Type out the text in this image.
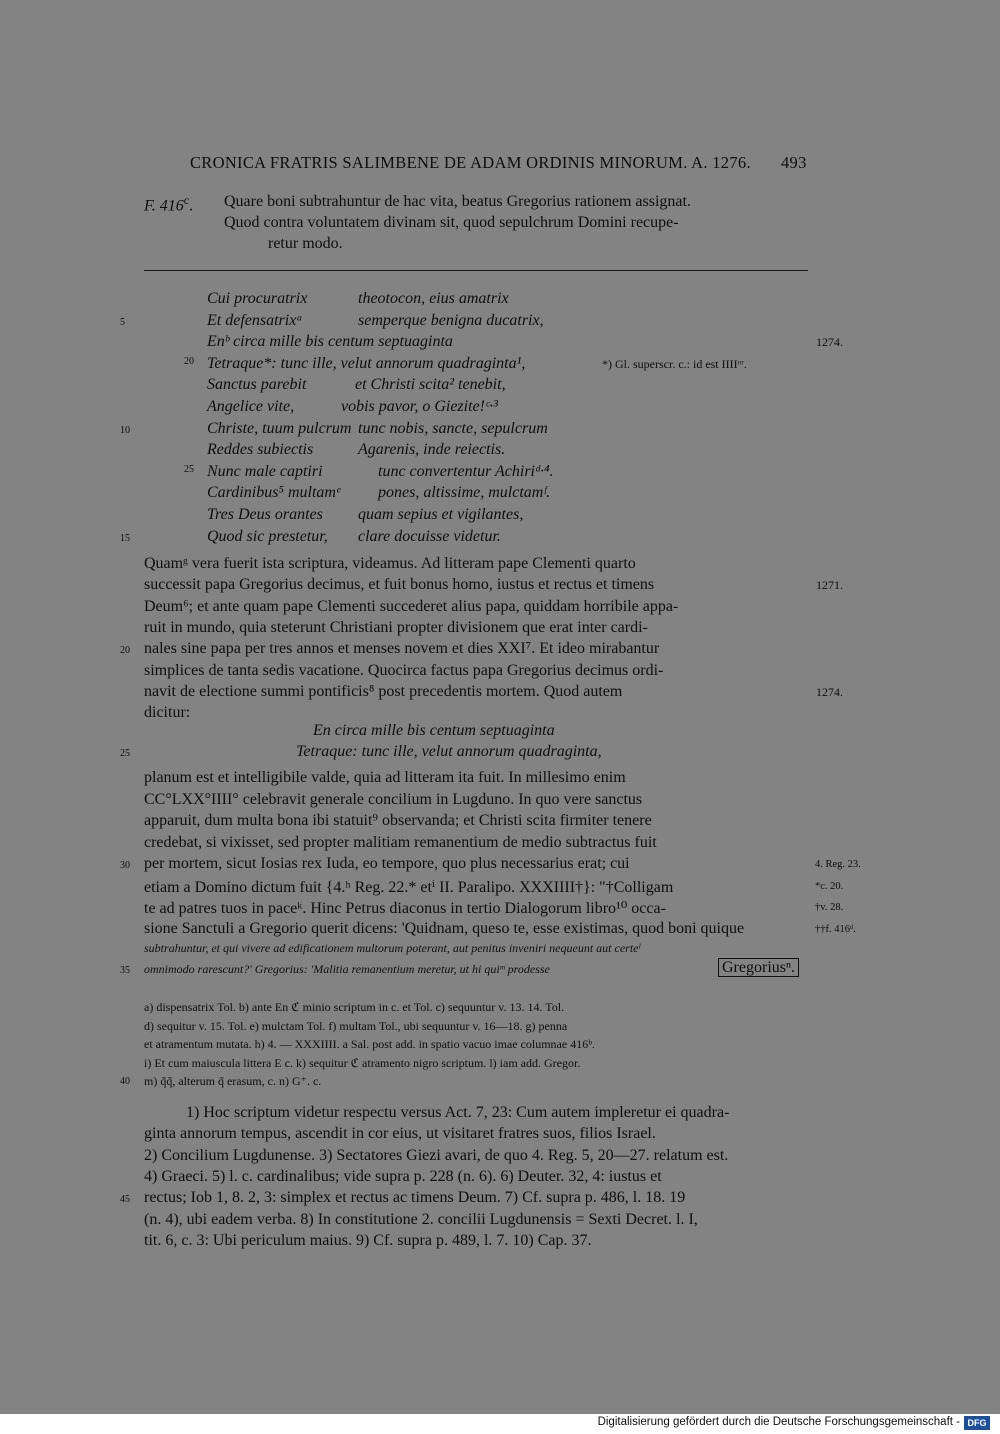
CRONICA FRATRIS SALIMBENE DE ADAM ORDINIS MINORUM. A. 1276. 493
F. 416$^c$. Quare boni subtrahuntur de hac vita, beatus Gregorius rationem assignat.
Quod contra voluntatem divinam sit, quod sepulchrum Domini recupe-
retur modo.
Cui procuratrix	theotocon, eius amatrix
5	Et defensatrixᵃ	semperque benigna ducatrix,
Enᵇ circa mille bis centum septuaginta	1274.
20 Tetraque*: tunc ille, velut annorum quadraginta¹,	*) Gl. superscr. c.: id est IIIIᵒʳ.
Sanctus parebit	et Christi scita² tenebit,
Angelice vite,	vobis pavor, o Giezite!ᶜ·³
10	Christe, tuum pulcrum tunc nobis, sancte, sepulcrum
Reddes subiectis	Agarenis, inde reiectis.
25 Nunc male captiri	tunc convertentur Achiriᵈ·⁴.
Cardinibus⁵ multamᵉ pones, altissime, mulctamᶠ.
Tres Deus orantes quam sepius et vigilantes,
15	Quod sic prestetur, clare docuisse videtur.
Quamᵍ vera fuerit ista scriptura, videamus. Ad litteram pape Clementi quarto
successit papa Gregorius decimus, et fuit bonus homo, iustus et rectus et timens	1271.
Deum⁶; et ante quam pape Clementi succederet alius papa, quiddam horribile appa-
ruit in mundo, quia steterunt Christiani propter divisionem que erat inter cardi-
20 nales sine papa per tres annos et menses novem et dies XXI⁷. Et ideo mirabantur
simplices de tanta sedis vacatione. Quocirca factus papa Gregorius decimus ordi-
navit de electione summi pontificis⁸ post precedentis mortem. Quod autem	1274.
dicitur:
En circa mille bis centum septuaginta
25	Tetraque: tunc ille, velut annorum quadraginta,
planum est et intelligibile valde, quia ad litteram ita fuit. In millesimo enim
CC°LXX°IIII° celebravit generale concilium in Lugduno. In quo vere sanctus
apparuit, dum multa bona ibi statuit⁹ observanda; et Christi scita firmiter tenere
credebat, si vixisset, sed propter malitiam remanentium de medio subtractus fuit
30 per mortem, sicut Iosias rex Iuda, eo tempore, quo plus necessarius erat; cui	4. Reg. 23.
etiam a Domino dictum fuit {4.ʰ Reg. 22.* etⁱ II. Paralipo. XXXIIII†}: "†Colligam	*c. 20.
te ad patres tuos in paceᵏ. Hinc Petrus diaconus in tertio Dialogorum libro¹⁰ occa-	†v. 28.
sione Sanctuli a Gregorio querit dicens: 'Quidnam, queso te, esse existimas, quod boni quique	††f. 416ᵈ.
subtrahuntur, et qui vivere ad edificationem multorum poterant, aut penitus inveniri nequeunt aut certeˡ
35 omnimodo rarescunt?' Gregorius: 'Malitia remanentium meretur, ut hi quiᵐ prodesse	Gregoriusⁿ.
a) dispensatrix Tol. b) ante En ℭ minio scriptum in c. et Tol. c) sequuntur v. 13. 14. Tol.
d) sequitur v. 15. Tol. e) mulctam Tol. f) multam Tol., ubi sequuntur v. 16—18. g) penna
et atramentum mutata. h) 4. — XXXIIII. a Sal. post add. in spatio vacuo imae columnae 416ᵇ.
i) Et cum maiuscula littera E c. k) sequitur ℭ atramento nigro scriptum. l) iam add. Gregor.
40 m) q̃q̃, alterum q̃ erasum, c. n) G⁺. c.
1) Hoc scriptum videtur respectu versus Act. 7, 23: Cum autem impleretur ei quadra-
ginta annorum tempus, ascendit in cor eius, ut visitaret fratres suos, filios Israel.
2) Concilium Lugdunense. 3) Sectatores Giezi avari, de quo 4. Reg. 5, 20—27. relatum est.
4) Graeci. 5) l. c. cardinalibus; vide supra p. 228 (n. 6). 6) Deuter. 32, 4: iustus et
45 rectus; Iob 1, 8. 2, 3: simplex et rectus ac timens Deum. 7) Cf. supra p. 486, l. 18. 19
(n. 4), ubi eadem verba. 8) In constitutione 2. concilii Lugdunensis = Sexti Decret. l. I,
tit. 6, c. 3: Ubi periculum maius. 9) Cf. supra p. 489, l. 7. 10) Cap. 37.
Digitalisierung gefördert durch die Deutsche Forschungsgemeinschaft - DFG
